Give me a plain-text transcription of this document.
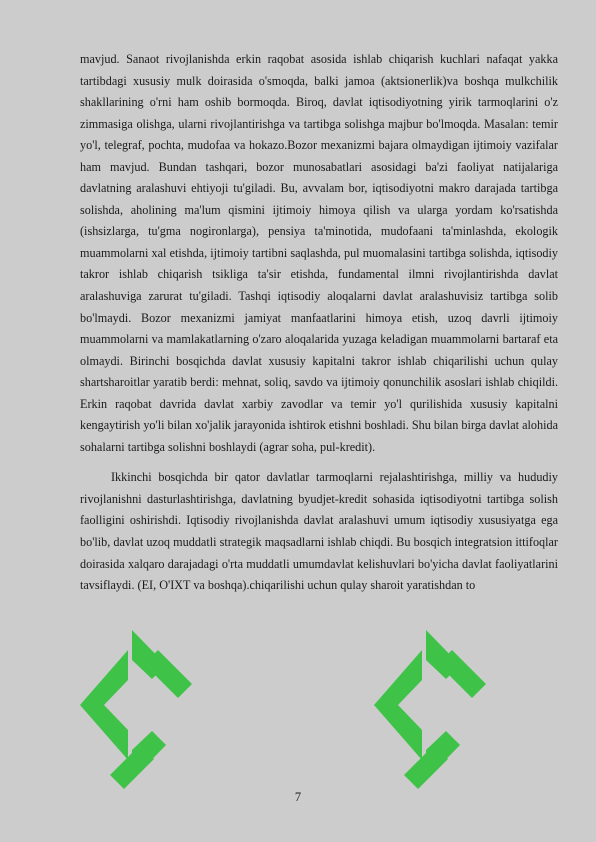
mavjud. Sanaot rivojlanishda erkin raqobat asosida ishlab chiqarish kuchlari nafaqat yakka tartibdagi xususiy mulk doirasida o'smoqda, balki jamoa (aktsionerlik)va boshqa mulkchilik shakllarining o'rni ham oshib bormoqda. Biroq, davlat iqtisodiyotning yirik tarmoqlarini o'z zimmasiga olishga, ularni rivojlantirishga va tartibga solishga majbur bo'lmoqda. Masalan: temir yo'l, telegraf, pochta, mudofaa va hokazo.Bozor mexanizmi bajara olmaydigan ijtimoiy vazifalar ham mavjud. Bundan tashqari, bozor munosabatlari asosidagi ba'zi faoliyat natijalariga davlatning aralashuvi ehtiyoji tu'giladi. Bu, avvalam bor, iqtisodiyotni makro darajada tartibga solishda, aholining ma'lum qismini ijtimoiy himoya qilish va ularga yordam ko'rsatishda (ishsizlarga, tu'gma nogironlarga), pensiya ta'minotida, mudofaani ta'minlashda, ekologik muammolarni xal etishda, ijtimoiy tartibni saqlashda, pul muomalasini tartibga solishda, iqtisodiy takror ishlab chiqarish tsikliga ta'sir etishda, fundamental ilmni rivojlantirishda davlat aralashuviga zarurat tu'giladi. Tashqi iqtisodiy aloqalarni davlat aralashuvisiz tartibga solib bo'lmaydi. Bozor mexanizmi jamiyat manfaatlarini himoya etish, uzoq davrli ijtimoiy muammolarni va mamlakatlarning o'zaro aloqalarida yuzaga keladigan muammolarni bartaraf eta olmaydi. Birinchi bosqichda davlat xususiy kapitalni takror ishlab chiqarilishi uchun qulay shartsharoitlar yaratib berdi: mehnat, soliq, savdo va ijtimoiy qonunchilik asoslari ishlab chiqildi. Erkin raqobat davrida davlat xarbiy zavodlar va temir yo'l qurilishida xususiy kapitalni kengaytirish yo'li bilan xo'jalik jarayonida ishtirok etishni boshladi. Shu bilan birga davlat alohida sohalarni tartibga solishni boshlaydi (agrar soha, pul-kredit).

Ikkinchi bosqichda bir qator davlatlar tarmoqlarni rejalashtirishga, milliy va hududiy rivojlanishni dasturlashtirishga, davlatning byudjet-kredit sohasida iqtisodiyotni tartibga solish faolligini oshirishdi. Iqtisodiy rivojlanishda davlat aralashuvi umum iqtisodiy xususiyatga ega bo'lib, davlat uzoq muddatli strategik maqsadlarni ishlab chiqdi. Bu bosqich integratsion ittifoqlar doirasida xalqaro darajadagi o'rta muddatli umumdavlat kelishuvlari bo'yicha davlat faoliyatlarini tavsiflaydi. (EI, O'IXT va boshqa).chiqarilishi uchun qulay sharoit yaratishdan to

7
